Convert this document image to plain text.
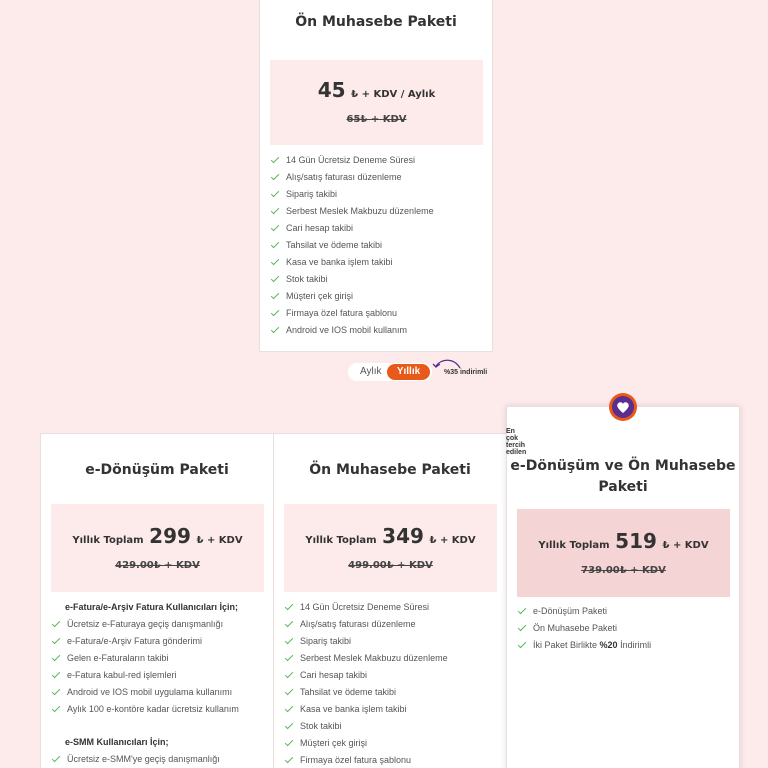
Ön Muhasebe Paketi
45 ₺ + KDV / Aylık
65₺ + KDV
14 Gün Ücretsiz Deneme Süresi
Alış/satış faturası düzenleme
Sipariş takibi
Serbest Meslek Makbuzu düzenleme
Cari hesap takibi
Tahsilat ve ödeme takibi
Kasa ve banka işlem takibi
Stok takibi
Müşteri çek girişi
Firmaya özel fatura şablonu
Android ve IOS mobil kullanım
Aylık	Yıllık	%35 indirimli
e-Dönüşüm Paketi
Yıllık Toplam 299 ₺ + KDV
429.00₺ + KDV
e-Fatura/e-Arşiv Fatura Kullanıcıları İçin;
Ücretsiz e-Faturaya geçiş danışmanlığı
e-Fatura/e-Arşiv Fatura gönderimi
Gelen e-Faturaların takibi
e-Fatura kabul-red işlemleri
Android ve IOS mobil uygulama kullanımı
Aylık 100 e-kontöre kadar ücretsiz kullanım
e-SMM Kullanıcıları İçin;
Ücretsiz e-SMM'ye geçiş danışmanlığı
Ön Muhasebe Paketi
Yıllık Toplam 349 ₺ + KDV
499.00₺ + KDV
14 Gün Ücretsiz Deneme Süresi
Alış/satış faturası düzenleme
Sipariş takibi
Serbest Meslek Makbuzu düzenleme
Cari hesap takibi
Tahsilat ve ödeme takibi
Kasa ve banka işlem takibi
Stok takibi
Müşteri çek girişi
Firmaya özel fatura şablonu
e-Dönüşüm ve Ön Muhasebe
Paketi
Yıllık Toplam 519 ₺ + KDV
739.00₺ + KDV
e-Dönüşüm Paketi
Ön Muhasebe Paketi
İki Paket Birlikte %20 İndirimli
